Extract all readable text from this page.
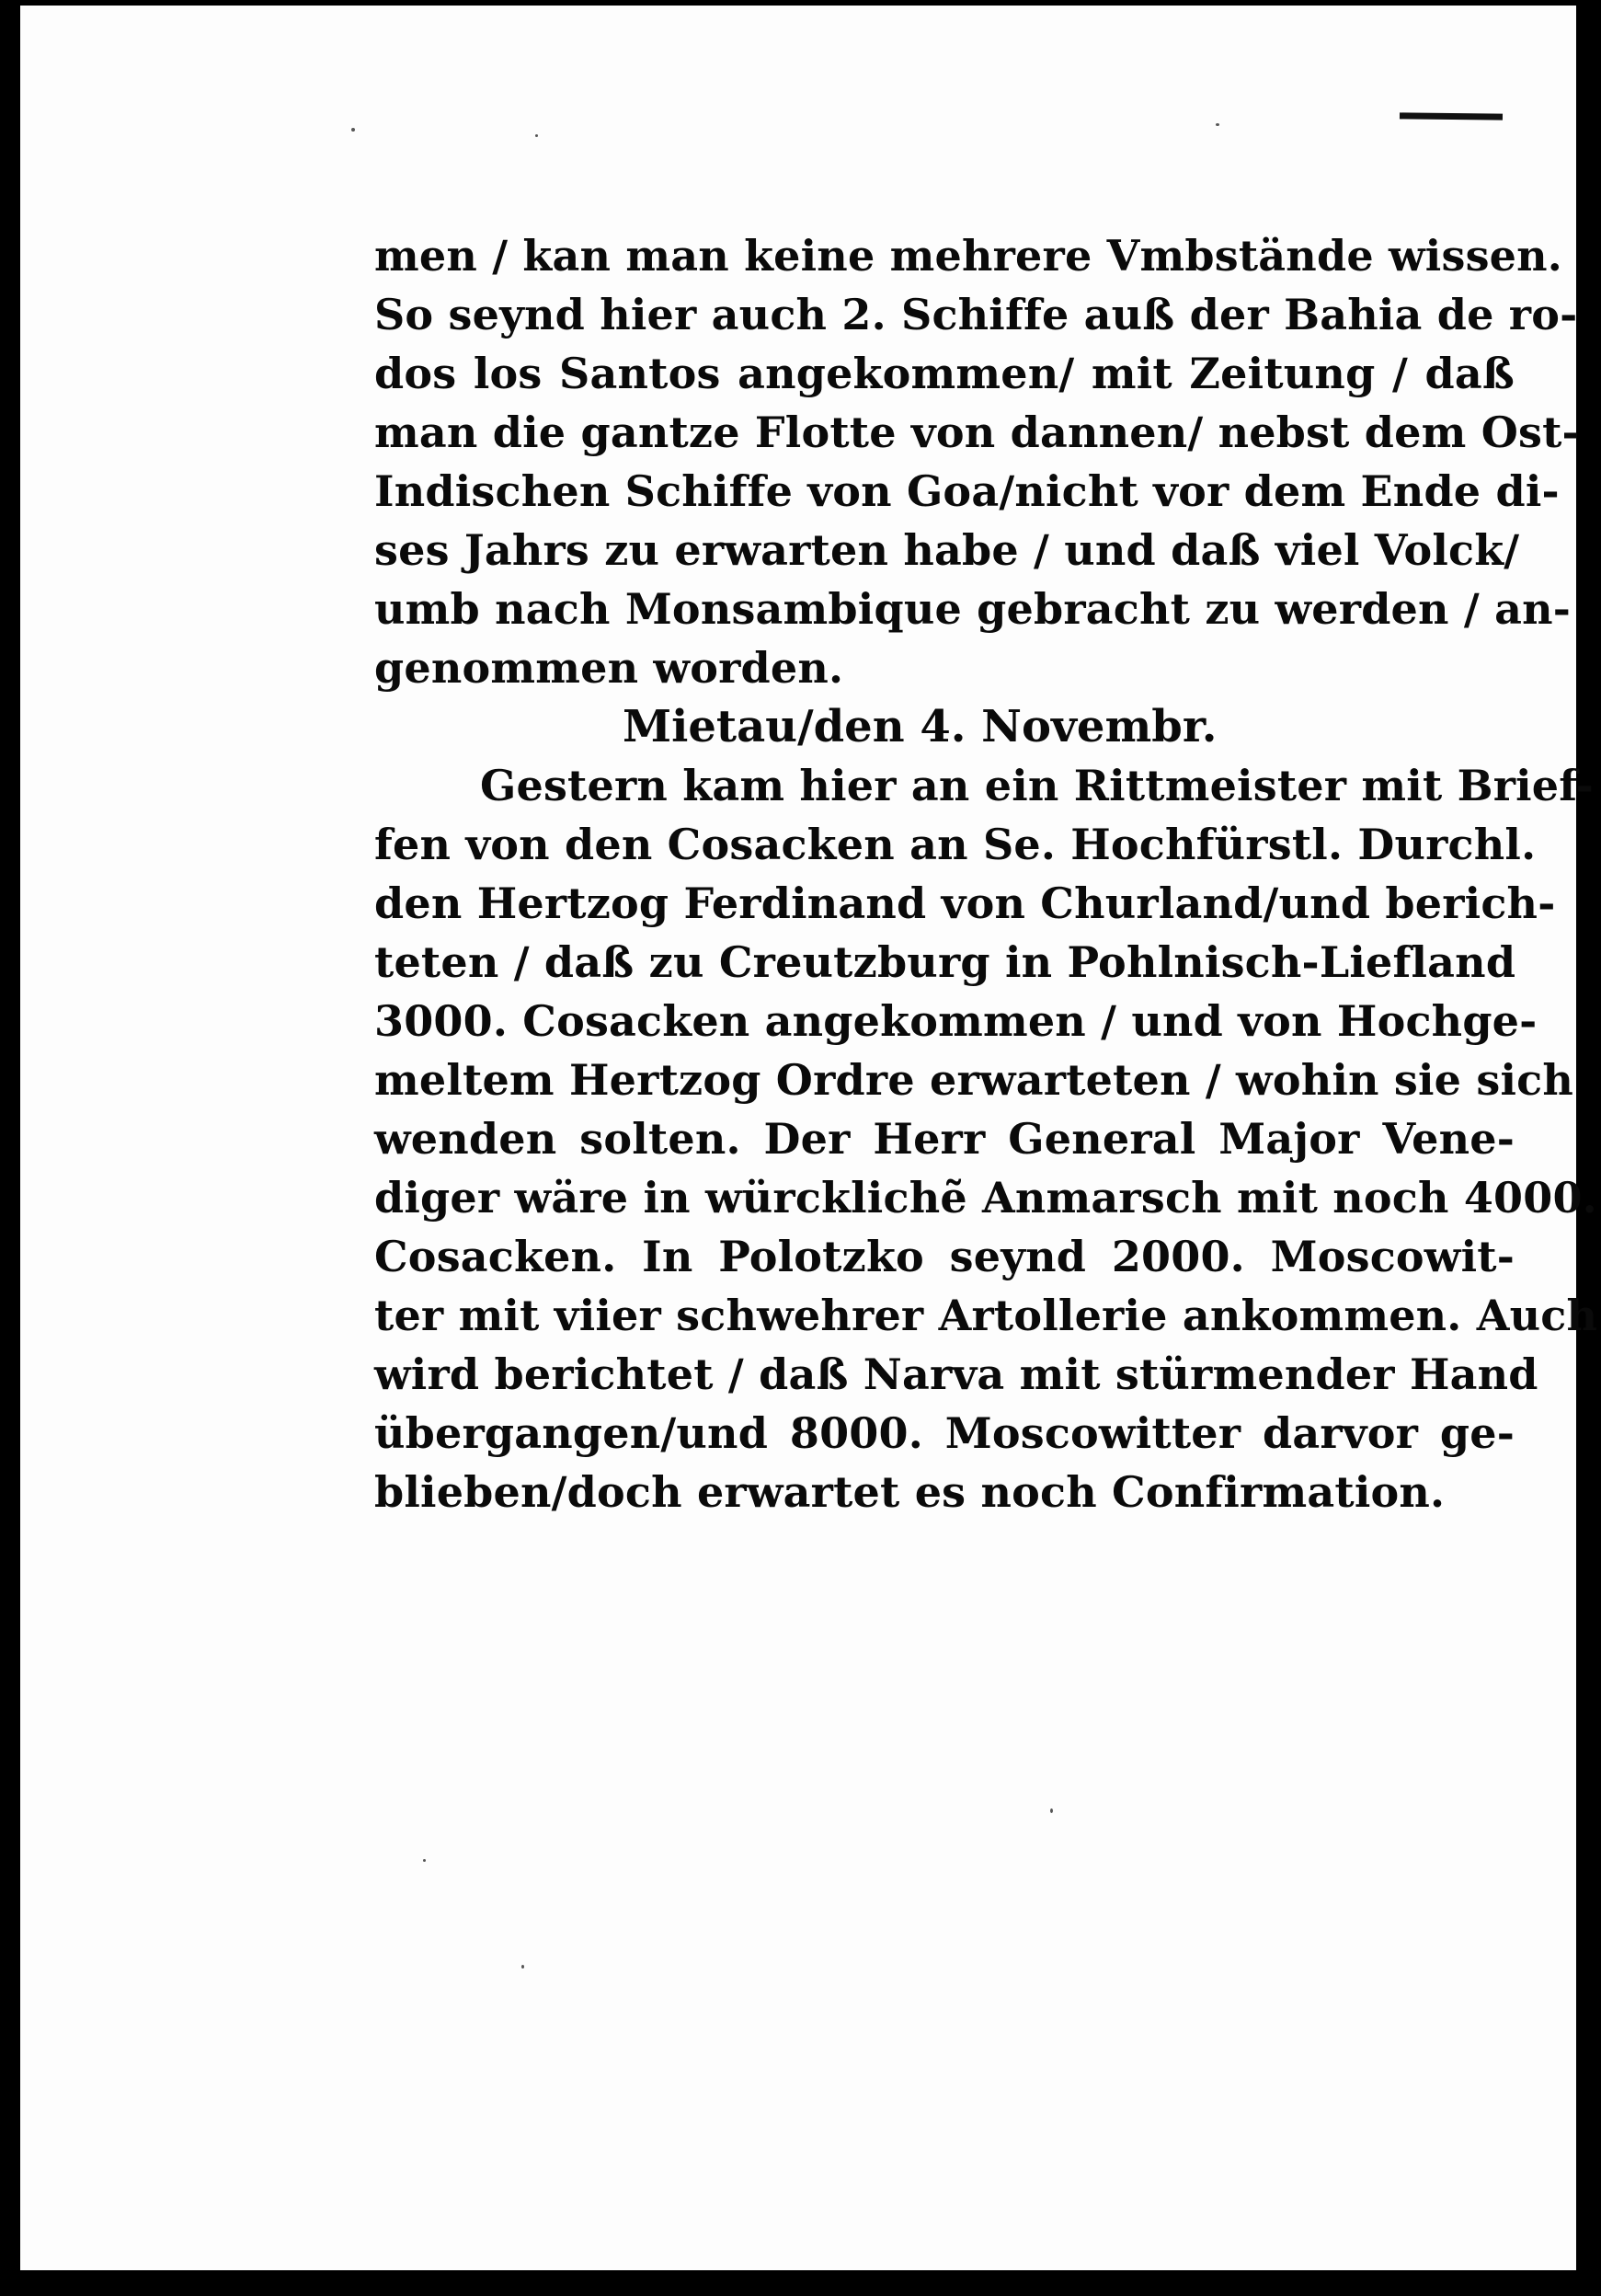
men / kan man keine mehrere Vmbstände wissen.
So seynd hier auch 2. Schiffe auß der Bahia de ro-
dos los Santos angekommen/ mit Zeitung / daß
man die gantze Flotte von dannen/ nebst dem Ost-
Indischen Schiffe von Goa/nicht vor dem Ende di-
ses Jahrs zu erwarten habe / und daß viel Volck/
umb nach Monsambique gebracht zu werden / an-
genommen worden.
Mietau/den 4. Novembr.
Gestern kam hier an ein Rittmeister mit Brief-
fen von den Cosacken an Se. Hochfürstl. Durchl.
den Hertzog Ferdinand von Churland/und berich-
teten / daß zu Creutzburg in Pohlnisch-Liefland
3000. Cosacken angekommen / und von Hochge-
meltem Hertzog Ordre erwarteten / wohin sie sich
wenden solten. Der Herr General Major Vene-
diger wäre in würcklichẽ Anmarsch mit noch 4000.
Cosacken. In Polotzko seynd 2000. Moscowit-
ter mit viier schwehrer Artollerie ankommen. Auch
wird berichtet / daß Narva mit stürmender Hand
übergangen/und 8000. Moscowitter darvor ge-
blieben/doch erwartet es noch Confirmation.
